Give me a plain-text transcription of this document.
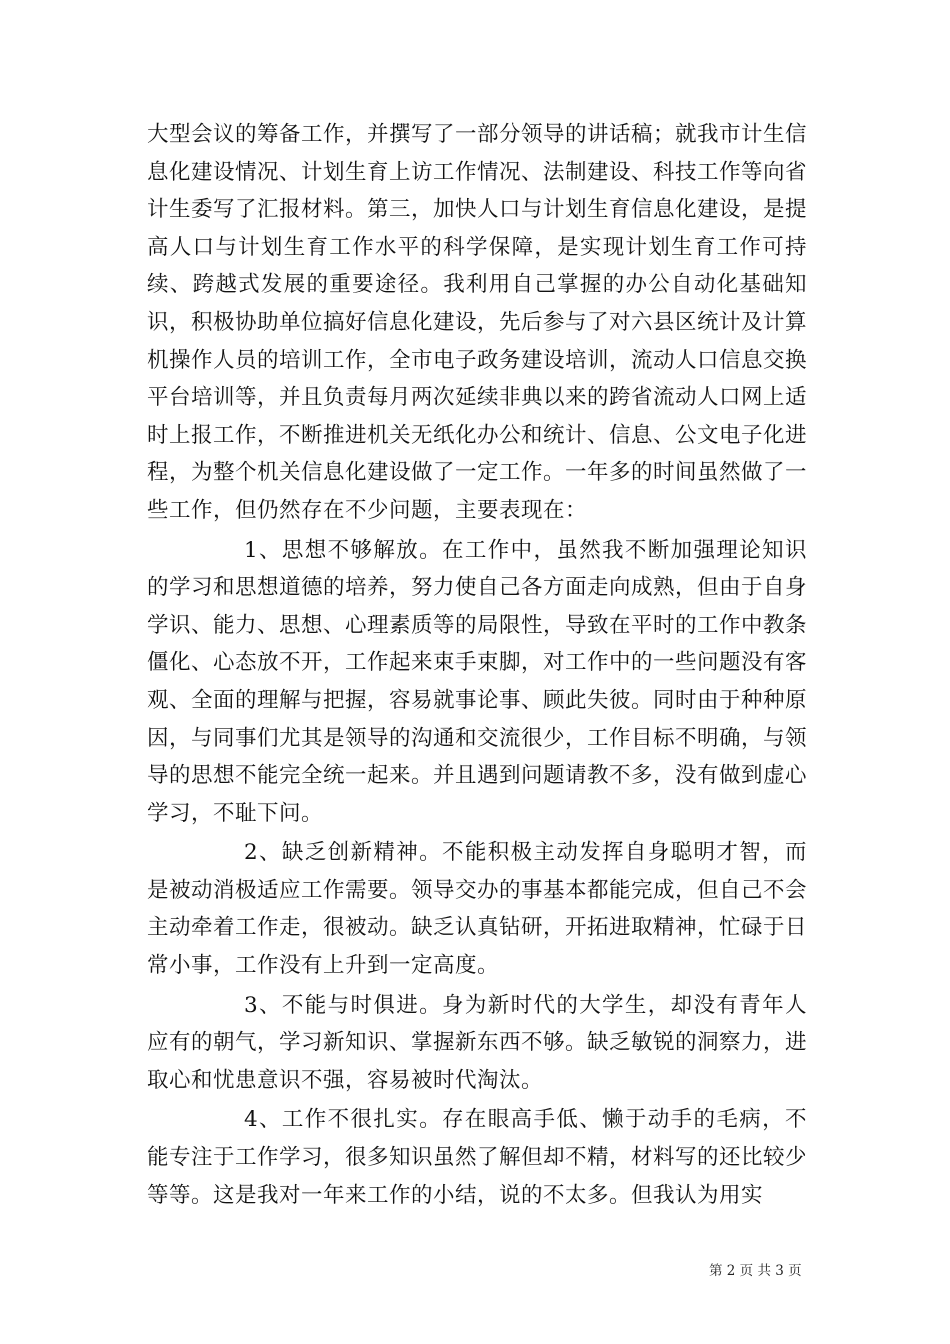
大型会议的筹备工作，并撰写了一部分领导的讲话稿；就我市计生信息化建设情况、计划生育上访工作情况、法制建设、科技工作等向省计生委写了汇报材料。第三，加快人口与计划生育信息化建设，是提高人口与计划生育工作水平的科学保障，是实现计划生育工作可持续、跨越式发展的重要途径。我利用自己掌握的办公自动化基础知识，积极协助单位搞好信息化建设，先后参与了对六县区统计及计算机操作人员的培训工作，全市电子政务建设培训，流动人口信息交换平台培训等，并且负责每月两次延续非典以来的跨省流动人口网上适时上报工作，不断推进机关无纸化办公和统计、信息、公文电子化进程，为整个机关信息化建设做了一定工作。一年多的时间虽然做了一些工作，但仍然存在不少问题，主要表现在：

1、思想不够解放。在工作中，虽然我不断加强理论知识的学习和思想道德的培养，努力使自己各方面走向成熟，但由于自身学识、能力、思想、心理素质等的局限性，导致在平时的工作中教条僵化、心态放不开，工作起来束手束脚，对工作中的一些问题没有客观、全面的理解与把握，容易就事论事、顾此失彼。同时由于种种原因，与同事们尤其是领导的沟通和交流很少，工作目标不明确，与领导的思想不能完全统一起来。并且遇到问题请教不多，没有做到虚心学习，不耻下问。

2、缺乏创新精神。不能积极主动发挥自身聪明才智，而是被动消极适应工作需要。领导交办的事基本都能完成，但自己不会主动牵着工作走，很被动。缺乏认真钻研，开拓进取精神，忙碌于日常小事，工作没有上升到一定高度。

3、不能与时俱进。身为新时代的大学生，却没有青年人应有的朝气，学习新知识、掌握新东西不够。缺乏敏锐的洞察力，进取心和忧患意识不强，容易被时代淘汰。

4、工作不很扎实。存在眼高手低、懒于动手的毛病，不能专注于工作学习，很多知识虽然了解但却不精，材料写的还比较少等等。这是我对一年来工作的小结，说的不太多。但我认为用实

第 2 页 共 3 页
